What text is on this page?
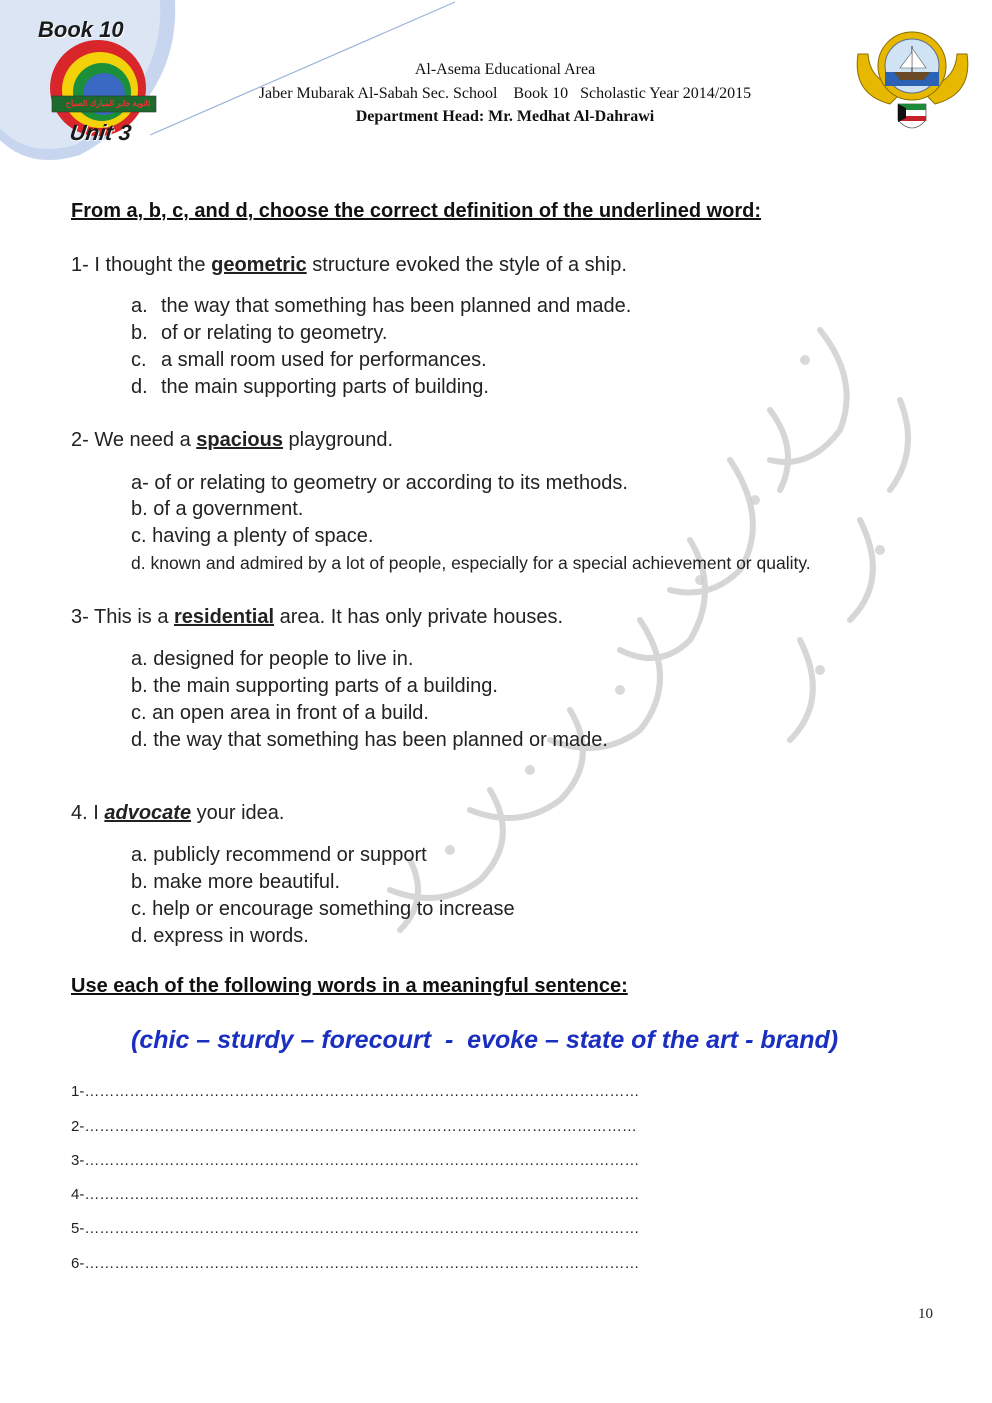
Book 10
ثانوية جابر المبارك الصباح
Unit 3
Al-Asema Educational Area
Jaber Mubarak Al-Sabah Sec. School    Book 10   Scholastic Year 2014/2015
Department Head: Mr. Medhat Al-Dahrawi
From a, b, c, and d, choose the correct definition of the underlined word:
1- I thought the geometric structure evoked the style of a ship.
a. the way that something has been planned and made.
b. of or relating to geometry.
c. a small room used for performances.
d. the main supporting parts of building.
2- We need a spacious playground.
a- of or relating to geometry or according to its methods.
b. of a government.
c. having a plenty of space.
d. known and admired by a lot of people, especially for a special achievement or quality.
3- This is a residential area. It has only private houses.
a. designed for people to live in.
b. the main supporting parts of a building.
c. an open area in front of a build.
d. the way that something has been planned or made.
4. I advocate your idea.
a. publicly recommend or support
b. make more beautiful.
c. help or encourage something to increase
d. express in words.
Use each of the following words in a meaningful sentence:
(chic – sturdy – forecourt  -  evoke – state of the art - brand)
1-…………………………………………………………………………………………………
2-……………………………………………………...…………………………………………
3-…………………………………………………………………………………………………
4-…………………………………………………………………………………………………
5-…………………………………………………………………………………………………
6-…………………………………………………………………………………………………
10
